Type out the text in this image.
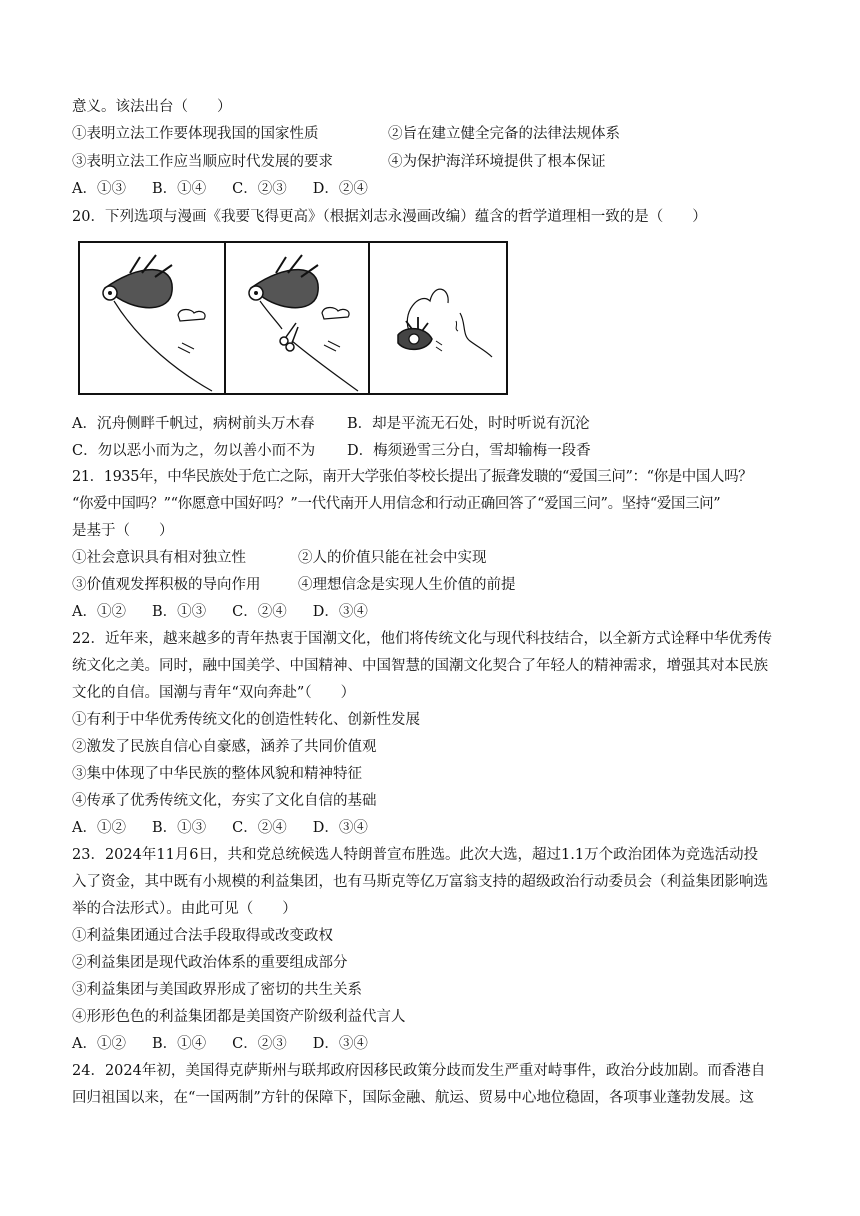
意义。该法出台（　　）
①表明立法工作要体现我国的国家性质	②旨在建立健全完备的法律法规体系
③表明立法工作应当顺应时代发展的要求	④为保护海洋环境提供了根本保证
A．①③ B．①④ C．②③ D．②④
20．下列选项与漫画《我要飞得更高》（根据刘志永漫画改编）蕴含的哲学道理相一致的是（　　）
A．沉舟侧畔千帆过，病树前头万木春 B．却是平流无石处，时时听说有沉沦
C．勿以恶小而为之，勿以善小而不为 D．梅须逊雪三分白，雪却输梅一段香
21．1935年，中华民族处于危亡之际，南开大学张伯苓校长提出了振聋发聩的“爱国三问”：“你是中国人吗？
“你爱中国吗？”“你愿意中国好吗？”一代代南开人用信念和行动正确回答了“爱国三问”。坚持“爱国三问”
是基于（　　）
①社会意识具有相对独立性	②人的价值只能在社会中实现
③价值观发挥积极的导向作用	④理想信念是实现人生价值的前提
A．①② B．①③ C．②④ D．③④
22．近年来，越来越多的青年热衷于国潮文化，他们将传统文化与现代科技结合，以全新方式诠释中华优秀传
统文化之美。同时，融中国美学、中国精神、中国智慧的国潮文化契合了年轻人的精神需求，增强其对本民族
文化的自信。国潮与青年“双向奔赴”（　　）
①有利于中华优秀传统文化的创造性转化、创新性发展
②激发了民族自信心自豪感，涵养了共同价值观
③集中体现了中华民族的整体风貌和精神特征
④传承了优秀传统文化，夯实了文化自信的基础
A．①② B．①③ C．②④ D．③④
23．2024年11月6日，共和党总统候选人特朗普宣布胜选。此次大选，超过1.1万个政治团体为竞选活动投
入了资金，其中既有小规模的利益集团，也有马斯克等亿万富翁支持的超级政治行动委员会（利益集团影响选
举的合法形式）。由此可见（　　）
①利益集团通过合法手段取得或改变政权
②利益集团是现代政治体系的重要组成部分
③利益集团与美国政界形成了密切的共生关系
④形形色色的利益集团都是美国资产阶级利益代言人
A．①② B．①④ C．②③ D．③④
24．2024年初，美国得克萨斯州与联邦政府因移民政策分歧而发生严重对峙事件，政治分歧加剧。而香港自
回归祖国以来，在“一国两制”方针的保障下，国际金融、航运、贸易中心地位稳固，各项事业蓬勃发展。这
